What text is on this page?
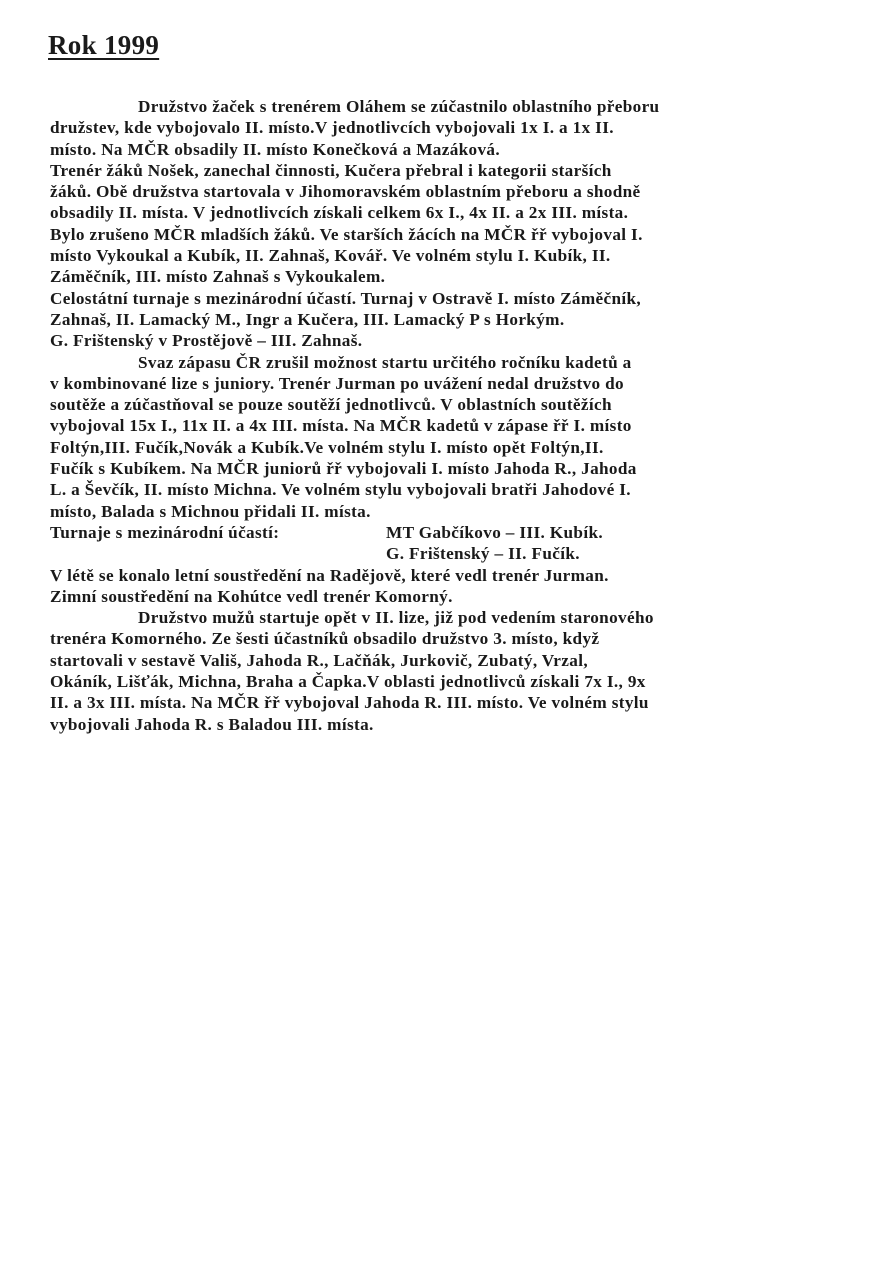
Rok 1999
Družstvo žaček s trenérem Oláhem se zúčastnilo oblastního přeboru
družstev, kde vybojovalo II. místo.V jednotlivcích vybojovali 1x I. a 1x II.
místo. Na MČR obsadily II. místo Konečková a Mazáková.
Trenér žáků Nošek, zanechal činnosti, Kučera přebral i kategorii starších
žáků. Obě družstva startovala v Jihomoravském oblastním přeboru a shodně
obsadily II. místa. V jednotlivcích získali celkem 6x I., 4x II. a 2x III. místa.
Bylo zrušeno MČR mladších žáků. Ve starších žácích na MČR řř vybojoval I.
místo Vykoukal a Kubík, II. Zahnaš, Kovář. Ve volném stylu I. Kubík, II.
Záměčník, III. místo Zahnaš s Vykoukalem.
Celostátní turnaje s mezinárodní účastí. Turnaj v Ostravě I. místo Záměčník,
Zahnaš, II. Lamacký M., Ingr a Kučera, III. Lamacký P s Horkým.
G. Frištenský v Prostějově – III. Zahnaš.
Svaz zápasu ČR zrušil možnost startu určitého ročníku kadetů a
v kombinované lize s juniory. Trenér Jurman po uvážení nedal družstvo do
soutěže a zúčastňoval se pouze soutěží jednotlivců. V oblastních soutěžích
vybojoval 15x I., 11x II. a 4x III. místa. Na MČR kadetů v zápase řř I. místo
Foltýn,III. Fučík,Novák a Kubík.Ve volném stylu I. místo opět Foltýn,II.
Fučík s Kubíkem. Na MČR juniorů řř vybojovali I. místo Jahoda R., Jahoda
L. a Ševčík, II. místo Michna. Ve volném stylu vybojovali bratři Jahodové I.
místo, Balada s Michnou přidali II. místa.
Turnaje s mezinárodní účastí:	MT Gabčíkovo – III. Kubík.
G. Frištenský – II. Fučík.
V létě se konalo letní soustředění na Radějově, které vedl trenér Jurman.
Zimní soustředění na Kohútce vedl trenér Komorný.
Družstvo mužů startuje opět v II. lize, již pod vedením staronového
trenéra Komorného. Ze šesti účastníků obsadilo družstvo 3. místo, když
startovali v sestavě Vališ, Jahoda R., Lačňák, Jurkovič, Zubatý, Vrzal,
Okáník, Lišťák, Michna, Braha a Čapka.V oblasti jednotlivců získali 7x I., 9x
II. a 3x III. místa. Na MČR řř vybojoval Jahoda R. III. místo. Ve volném stylu
vybojovali Jahoda R. s Baladou III. místa.
